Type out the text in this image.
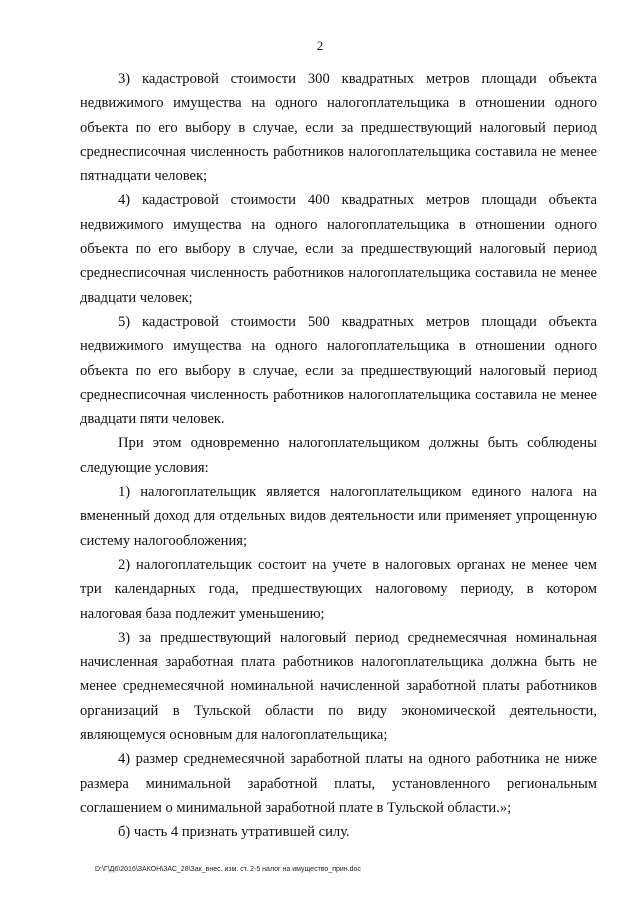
2

3) кадастровой стоимости 300 квадратных метров площади объекта недвижимого имущества на одного налогоплательщика в отношении одного объекта по его выбору в случае, если за предшествующий налоговый период среднесписочная численность работников налогоплательщика составила не менее пятнадцати человек;

4) кадастровой стоимости 400 квадратных метров площади объекта недвижимого имущества на одного налогоплательщика в отношении одного объекта по его выбору в случае, если за предшествующий налоговый период среднесписочная численность работников налогоплательщика составила не менее двадцати человек;

5) кадастровой стоимости 500 квадратных метров площади объекта недвижимого имущества на одного налогоплательщика в отношении одного объекта по его выбору в случае, если за предшествующий налоговый период среднесписочная численность работников налогоплательщика составила не менее двадцати пяти человек.

При этом одновременно налогоплательщиком должны быть соблюдены следующие условия:

1) налогоплательщик является налогоплательщиком единого налога на вмененный доход для отдельных видов деятельности или применяет упрощенную систему налогообложения;

2) налогоплательщик состоит на учете в налоговых органах не менее чем три календарных года, предшествующих налоговому периоду, в котором налоговая база подлежит уменьшению;

3) за предшествующий налоговый период среднемесячная номинальная начисленная заработная плата работников налогоплательщика должна быть не менее среднемесячной номинальной начисленной заработной платы работников организаций в Тульской области по виду экономической деятельности, являющемуся основным для налогоплательщика;

4) размер среднемесячной заработной платы на одного работника не ниже размера минимальной заработной платы, установленного региональным соглашением о минимальной заработной плате в Тульской области.»;

б) часть 4 признать утратившей силу.

D:\Г\Д6\2016\ЗАКОН\ЗАС_28\Зак_внес. изм. ст. 2-5 налог на имущество_прин.doc
